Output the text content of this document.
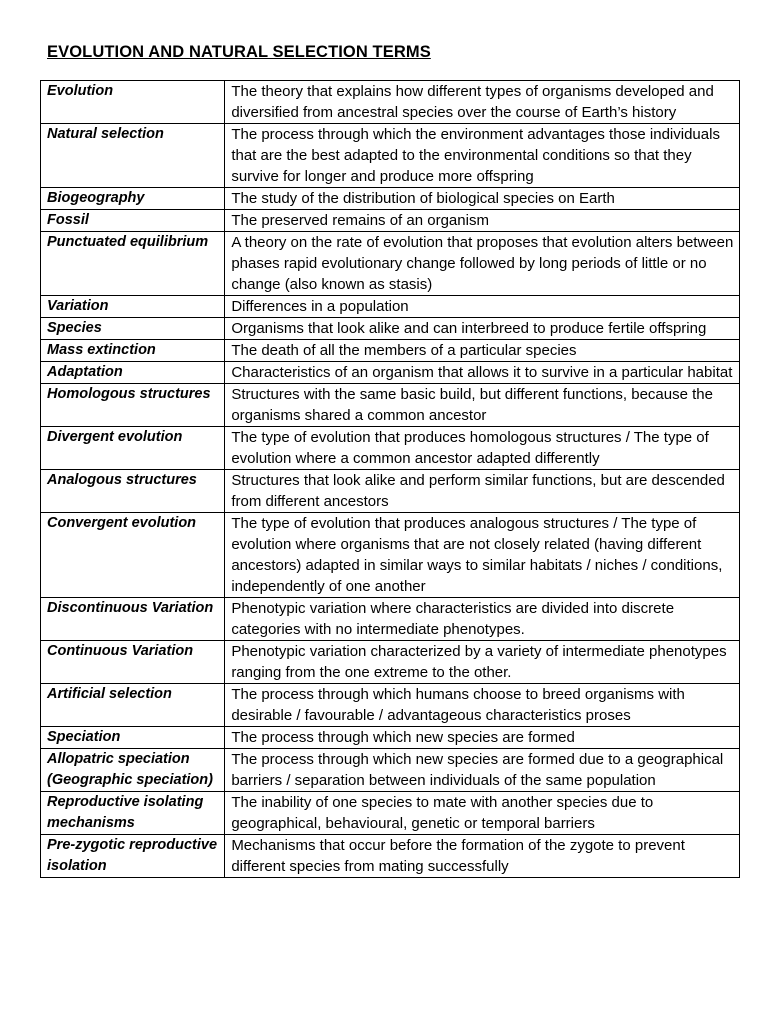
EVOLUTION AND NATURAL SELECTION TERMS
Evolution	The theory that explains how different types of organisms developed and diversified from ancestral species over the course of Earth’s history
Natural selection	The process through which the environment advantages those individuals that are the best adapted to the environmental conditions so that they survive for longer and produce more offspring
Biogeography	The study of the distribution of biological species on Earth
Fossil	The preserved remains of an organism
Punctuated equilibrium	A theory on the rate of evolution that proposes that evolution alters between phases rapid evolutionary change followed by long periods of little or no change (also known as stasis)
Variation	Differences in a population
Species	Organisms that look alike and can interbreed to produce fertile offspring
Mass extinction	The death of all the members of a particular species
Adaptation	Characteristics of an organism that allows it to survive in a particular habitat
Homologous structures	Structures with the same basic build, but different functions, because the organisms shared a common ancestor
Divergent evolution	The type of evolution that produces homologous structures / The type of evolution where a common ancestor adapted differently
Analogous structures	Structures that look alike and perform similar functions, but are descended from different ancestors
Convergent evolution	The type of evolution that produces analogous structures / The type of evolution where organisms that are not closely related (having different ancestors) adapted in similar ways to similar habitats / niches / conditions, independently of one another
Discontinuous Variation	Phenotypic variation where characteristics are divided into discrete categories with no intermediate phenotypes.
Continuous Variation	Phenotypic variation characterized by a variety of intermediate phenotypes ranging from the one extreme to the other.
Artificial selection	The process through which humans choose to breed organisms with desirable / favourable / advantageous characteristics proses
Speciation	The process through which new species are formed
Allopatric speciation (Geographic speciation)	The process through which new species are formed due to a geographical barriers / separation between individuals of the same population
Reproductive isolating mechanisms	The inability of one species to mate with another species due to geographical, behavioural, genetic or temporal barriers
Pre-zygotic reproductive isolation	Mechanisms that occur before the formation of the zygote to prevent different species from mating successfully
